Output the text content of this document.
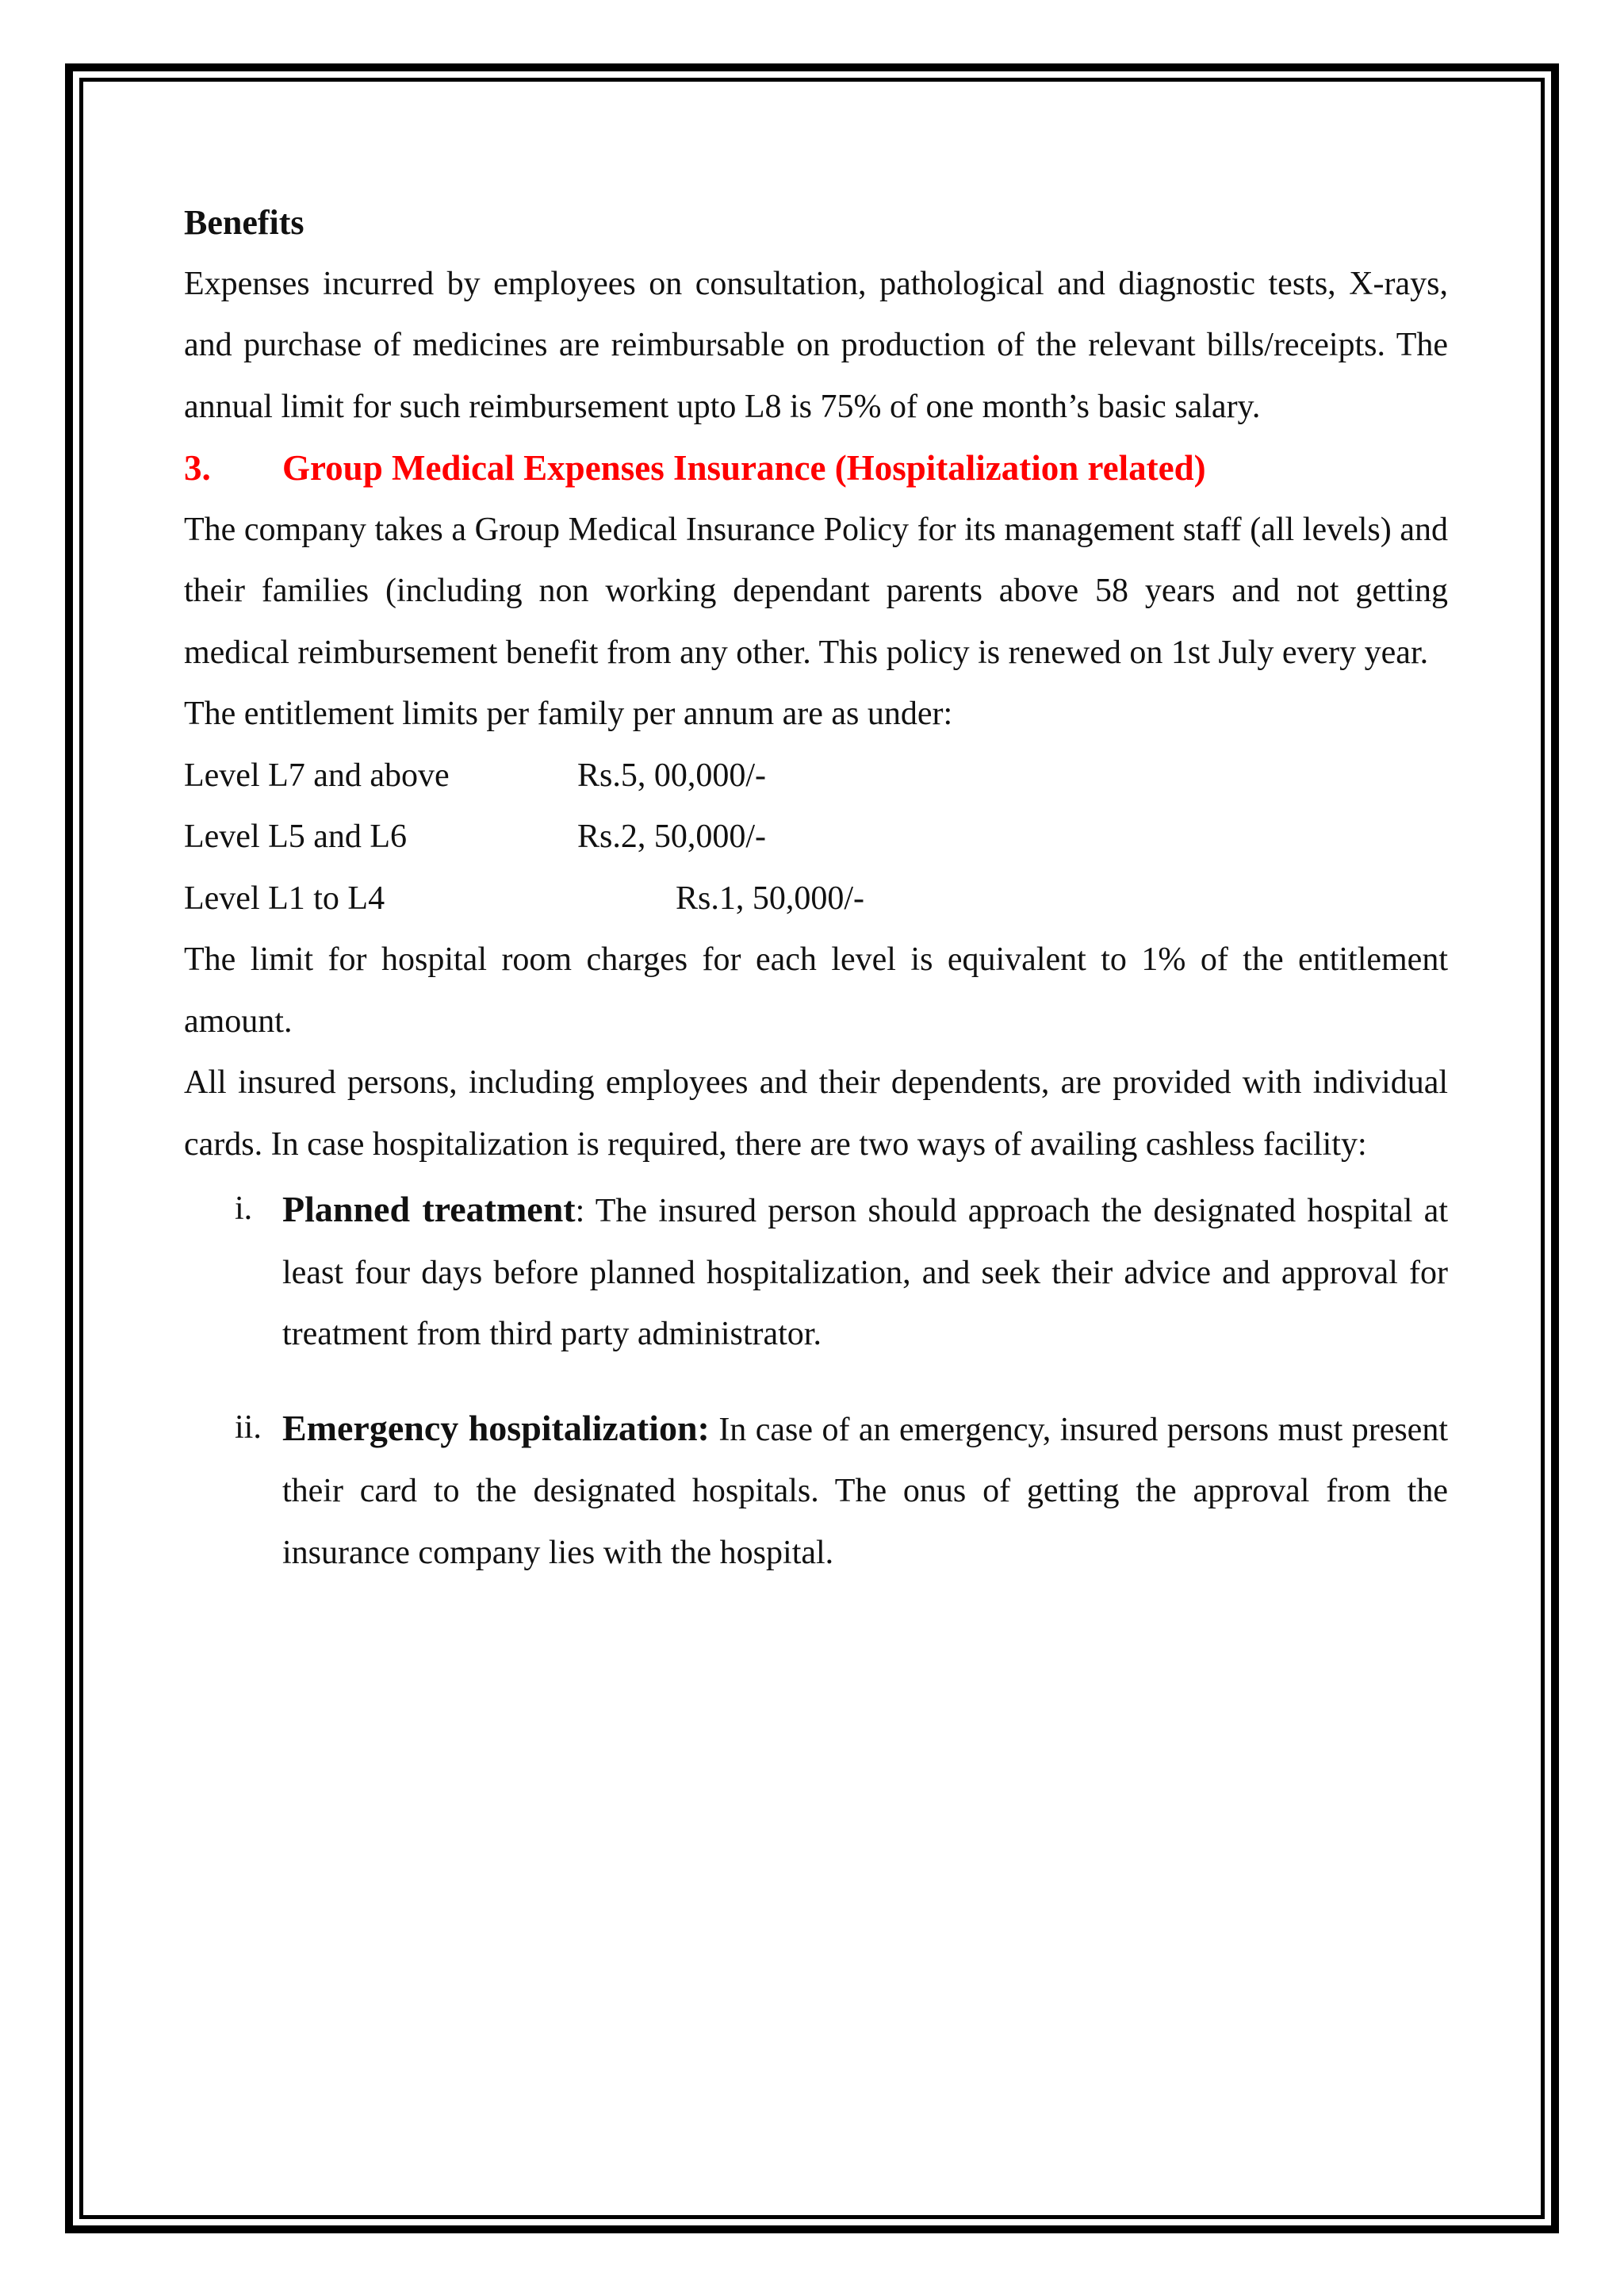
Benefits

Expenses incurred by employees on consultation, pathological and diagnostic tests, X-rays, and purchase of medicines are reimbursable on production of the relevant bills/receipts. The annual limit for such reimbursement upto L8 is 75% of one month’s basic salary.

3.	Group Medical Expenses Insurance (Hospitalization related)

The company takes a Group Medical Insurance Policy for its management staff (all levels) and their families (including non working dependant parents above 58 years and not getting medical reimbursement benefit from any other. This policy is renewed on 1st July every year.

The entitlement limits per family per annum are as under:

Level L7 and above	Rs.5, 00,000/-
Level L5 and L6	Rs.2, 50,000/-
Level L1 to L4	Rs.1, 50,000/-

The limit for hospital room charges for each level is equivalent to 1% of the entitlement amount.

All insured persons, including employees and their dependents, are provided with individual cards. In case hospitalization is required, there are two ways of availing cashless facility:

i. Planned treatment: The insured person should approach the designated hospital at least four days before planned hospitalization, and seek their advice and approval for treatment from third party administrator.
ii. Emergency hospitalization: In case of an emergency, insured persons must present their card to the designated hospitals. The onus of getting the approval from the insurance company lies with the hospital.
